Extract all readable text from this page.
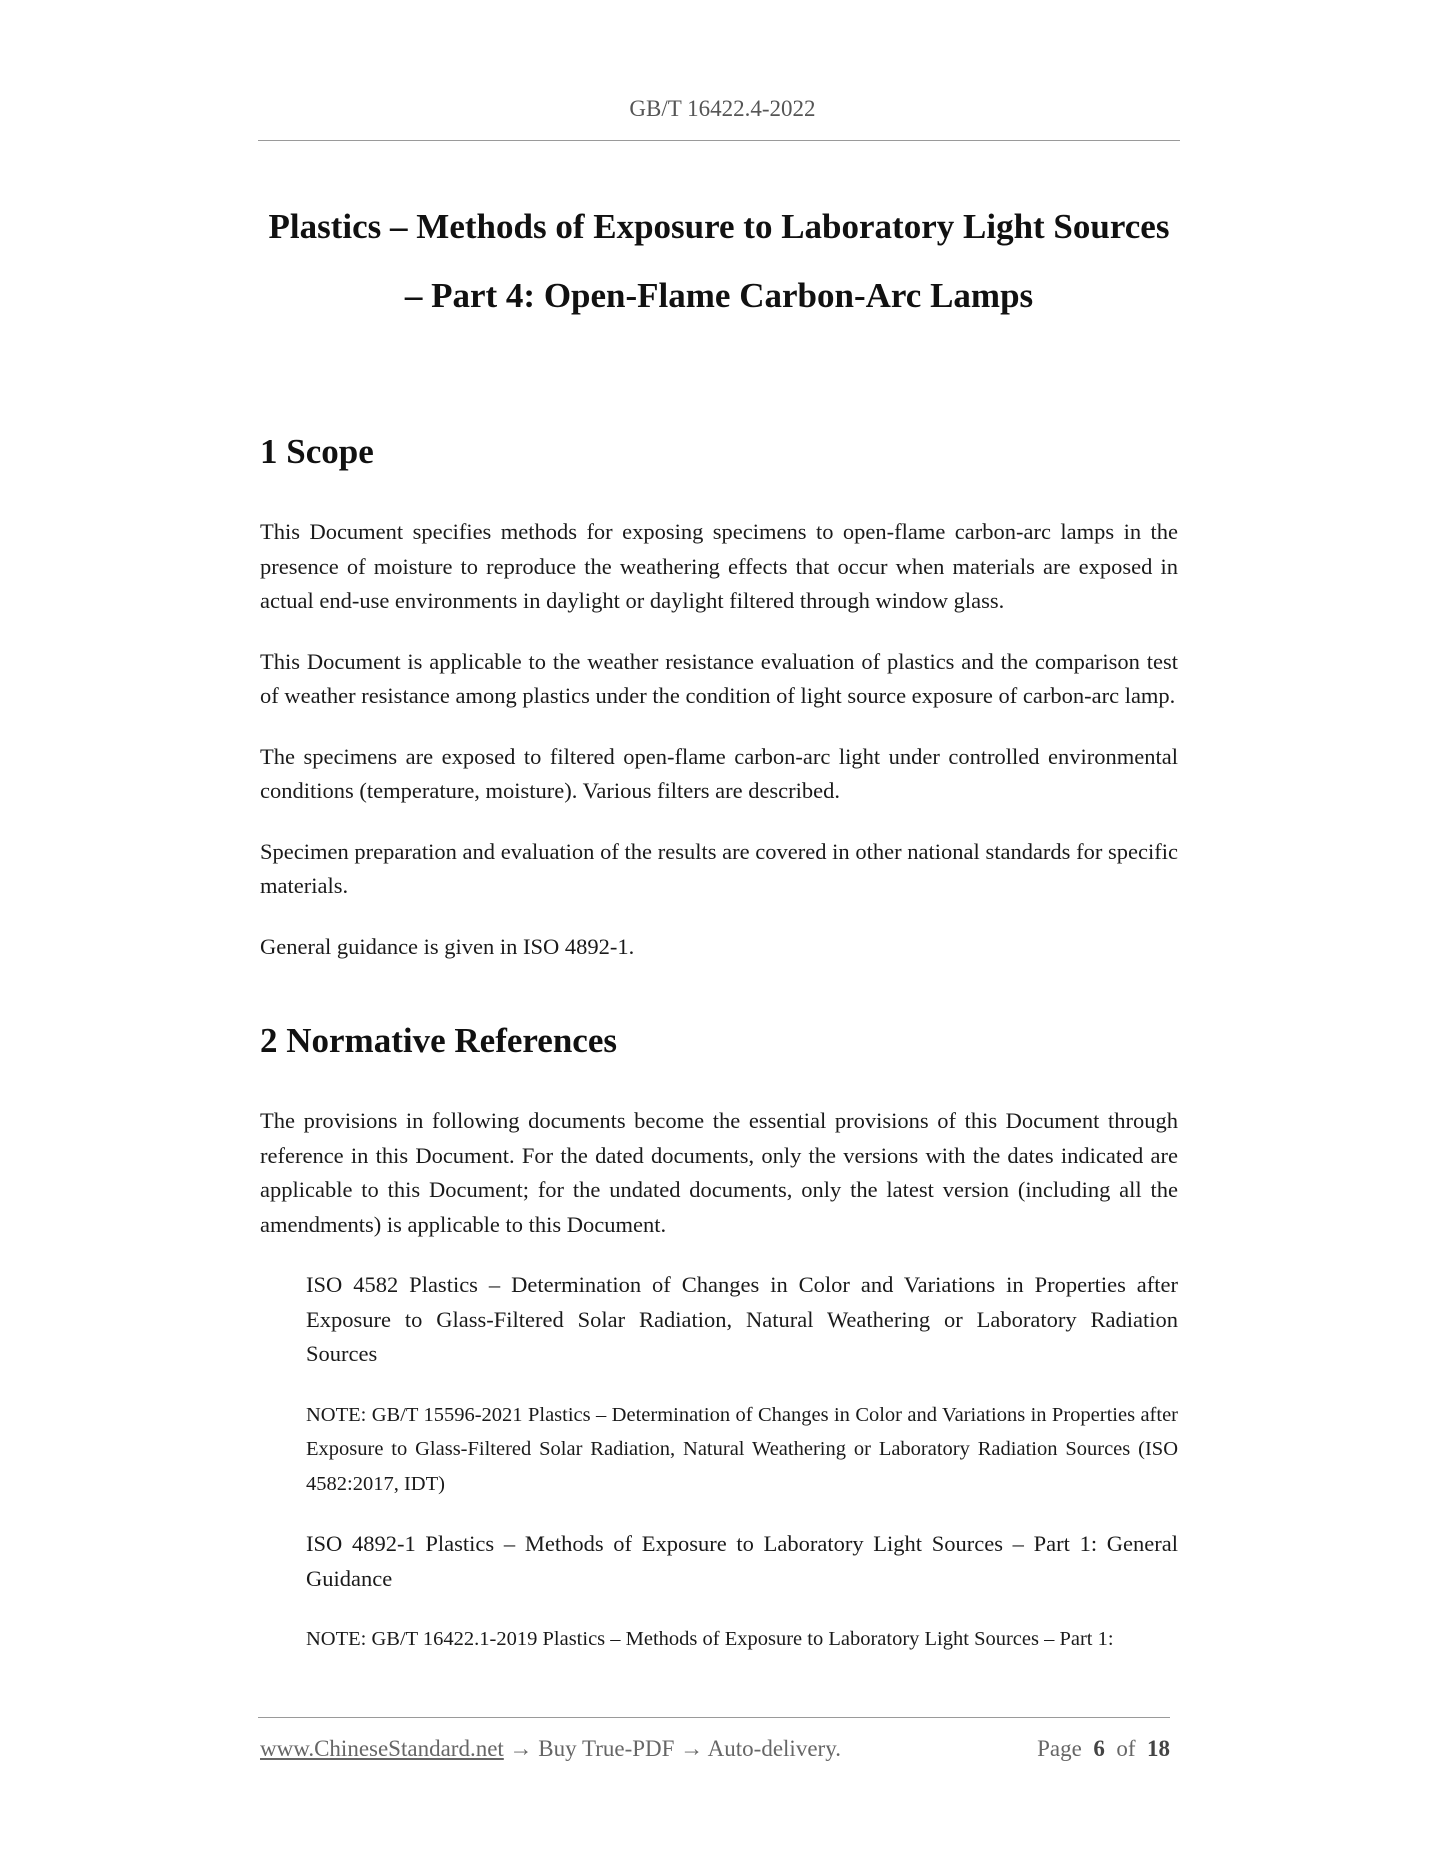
GB/T 16422.4-2022
Plastics – Methods of Exposure to Laboratory Light Sources
– Part 4: Open-Flame Carbon-Arc Lamps
1 Scope

This Document specifies methods for exposing specimens to open-flame carbon-arc lamps in the presence of moisture to reproduce the weathering effects that occur when materials are exposed in actual end-use environments in daylight or daylight filtered through window glass.

This Document is applicable to the weather resistance evaluation of plastics and the comparison test of weather resistance among plastics under the condition of light source exposure of carbon-arc lamp.

The specimens are exposed to filtered open-flame carbon-arc light under controlled environmental conditions (temperature, moisture). Various filters are described.

Specimen preparation and evaluation of the results are covered in other national standards for specific materials.

General guidance is given in ISO 4892-1.

2 Normative References

The provisions in following documents become the essential provisions of this Document through reference in this Document. For the dated documents, only the versions with the dates indicated are applicable to this Document; for the undated documents, only the latest version (including all the amendments) is applicable to this Document.

ISO 4582 Plastics – Determination of Changes in Color and Variations in Properties after Exposure to Glass-Filtered Solar Radiation, Natural Weathering or Laboratory Radiation Sources

NOTE: GB/T 15596-2021 Plastics – Determination of Changes in Color and Variations in Properties after Exposure to Glass-Filtered Solar Radiation, Natural Weathering or Laboratory Radiation Sources (ISO 4582:2017, IDT)

ISO 4892-1 Plastics – Methods of Exposure to Laboratory Light Sources – Part 1: General Guidance

NOTE: GB/T 16422.1-2019 Plastics – Methods of Exposure to Laboratory Light Sources – Part 1:

www.ChineseStandard.net → Buy True-PDF → Auto-delivery.	Page 6 of 18
